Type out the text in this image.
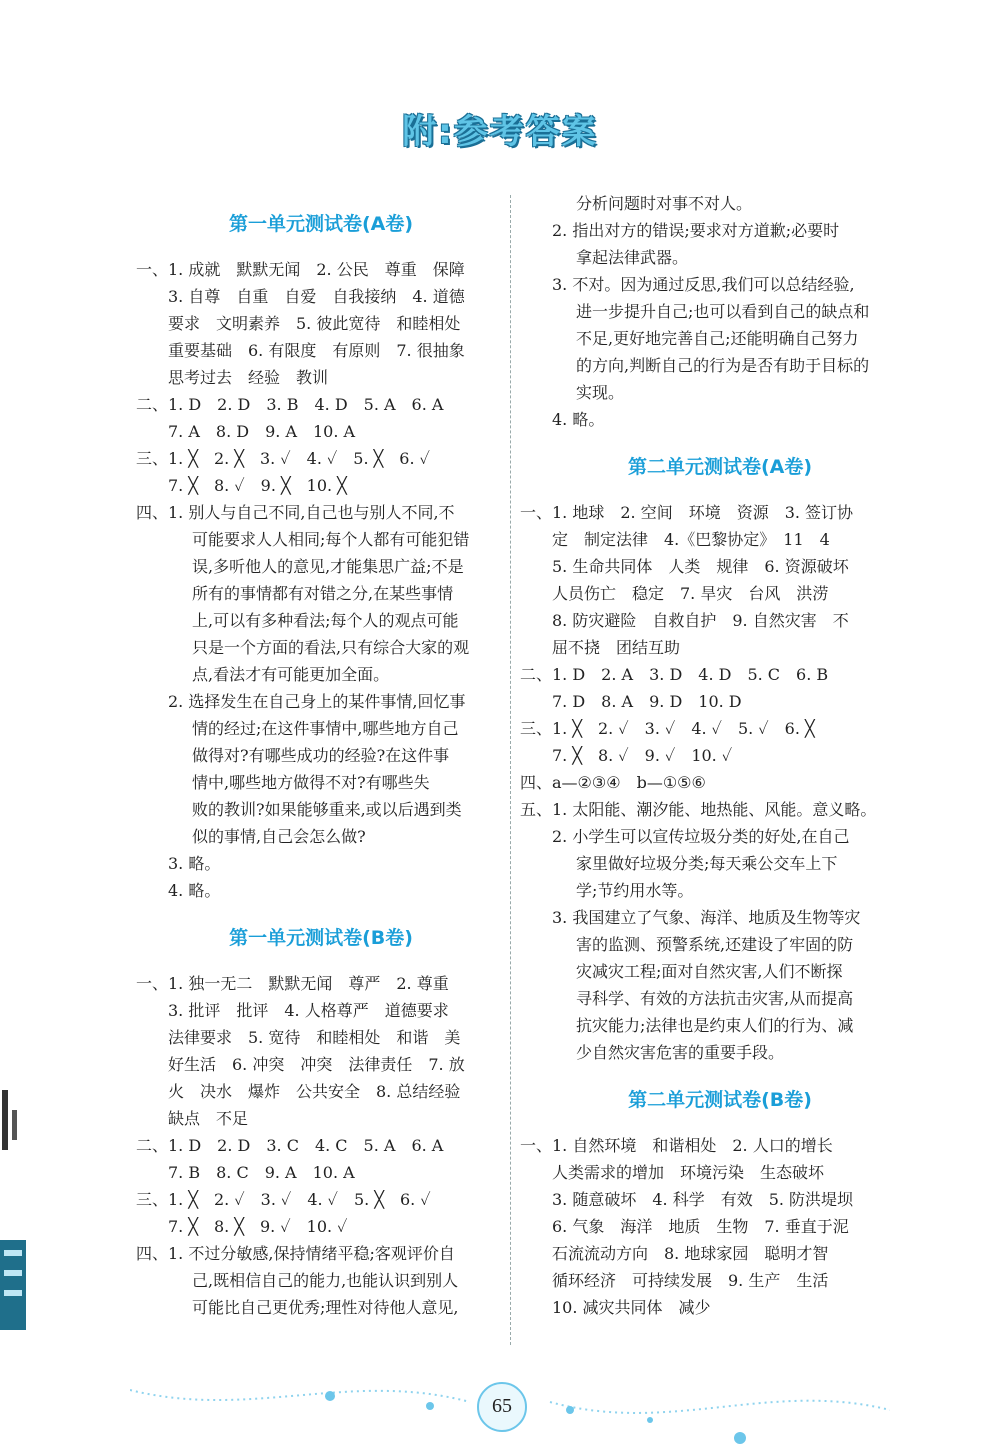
附:参考答案
第一单元测试卷(A卷)
一、1. 成就　默默无闻　2. 公民　尊重　保障
3. 自尊　自重　自爱　自我接纳　4. 道德
要求　文明素养　5. 彼此宽待　和睦相处
重要基础　6. 有限度　有原则　7. 很抽象
思考过去　经验　教训
二、1. D　2. D　3. B　4. D　5. A　6. A
7. A　8. D　9. A　10. A
三、1. ╳　2. ╳　3. ✓　4. ✓　5. ╳　6. ✓
7. ╳　8. ✓　9. ╳　10. ╳
四、1. 别人与自己不同,自己也与别人不同,不
可能要求人人相同;每个人都有可能犯错
误,多听他人的意见,才能集思广益;不是
所有的事情都有对错之分,在某些事情
上,可以有多种看法;每个人的观点可能
只是一个方面的看法,只有综合大家的观
点,看法才有可能更加全面。
2. 选择发生在自己身上的某件事情,回忆事
情的经过;在这件事情中,哪些地方自己
做得对?有哪些成功的经验?在这件事
情中,哪些地方做得不对?有哪些失
败的教训?如果能够重来,或以后遇到类
似的事情,自己会怎么做?
3. 略。
4. 略。
第一单元测试卷(B卷)
一、1. 独一无二　默默无闻　尊严　2. 尊重
3. 批评　批评　4. 人格尊严　道德要求
法律要求　5. 宽待　和睦相处　和谐　美
好生活　6. 冲突　冲突　法律责任　7. 放
火　决水　爆炸　公共安全　8. 总结经验
缺点　不足
二、1. D　2. D　3. C　4. C　5. A　6. A
7. B　8. C　9. A　10. A
三、1. ╳　2. ✓　3. ✓　4. ✓　5. ╳　6. ✓
7. ╳　8. ╳　9. ✓　10. ✓
四、1. 不过分敏感,保持情绪平稳;客观评价自
己,既相信自己的能力,也能认识到别人
可能比自己更优秀;理性对待他人意见,
分析问题时对事不对人。
2. 指出对方的错误;要求对方道歉;必要时
拿起法律武器。
3. 不对。因为通过反思,我们可以总结经验,
进一步提升自己;也可以看到自己的缺点和
不足,更好地完善自己;还能明确自己努力
的方向,判断自己的行为是否有助于目标的
实现。
4. 略。
第二单元测试卷(A卷)
一、1. 地球　2. 空间　环境　资源　3. 签订协
定　制定法律　4.《巴黎协定》　11　4
5. 生命共同体　人类　规律　6. 资源破坏
人员伤亡　稳定　7. 旱灾　台风　洪涝
8. 防灾避险　自救自护　9. 自然灾害　不
屈不挠　团结互助
二、1. D　2. A　3. D　4. D　5. C　6. B
7. D　8. A　9. D　10. D
三、1. ╳　2. ✓　3. ✓　4. ✓　5. ✓　6. ╳
7. ╳　8. ✓　9. ✓　10. ✓
四、a—②③④　b—①⑤⑥
五、1. 太阳能、潮汐能、地热能、风能。意义略。
2. 小学生可以宣传垃圾分类的好处,在自己
家里做好垃圾分类;每天乘公交车上下
学;节约用水等。
3. 我国建立了气象、海洋、地质及生物等灾
害的监测、预警系统,还建设了牢固的防
灾减灾工程;面对自然灾害,人们不断探
寻科学、有效的方法抗击灾害,从而提高
抗灾能力;法律也是约束人们的行为、减
少自然灾害危害的重要手段。
第二单元测试卷(B卷)
一、1. 自然环境　和谐相处　2. 人口的增长
人类需求的增加　环境污染　生态破坏
3. 随意破坏　4. 科学　有效　5. 防洪堤坝
6. 气象　海洋　地质　生物　7. 垂直于泥
石流流动方向　8. 地球家园　聪明才智
循环经济　可持续发展　9. 生产　生活
10. 减灾共同体　减少
65
